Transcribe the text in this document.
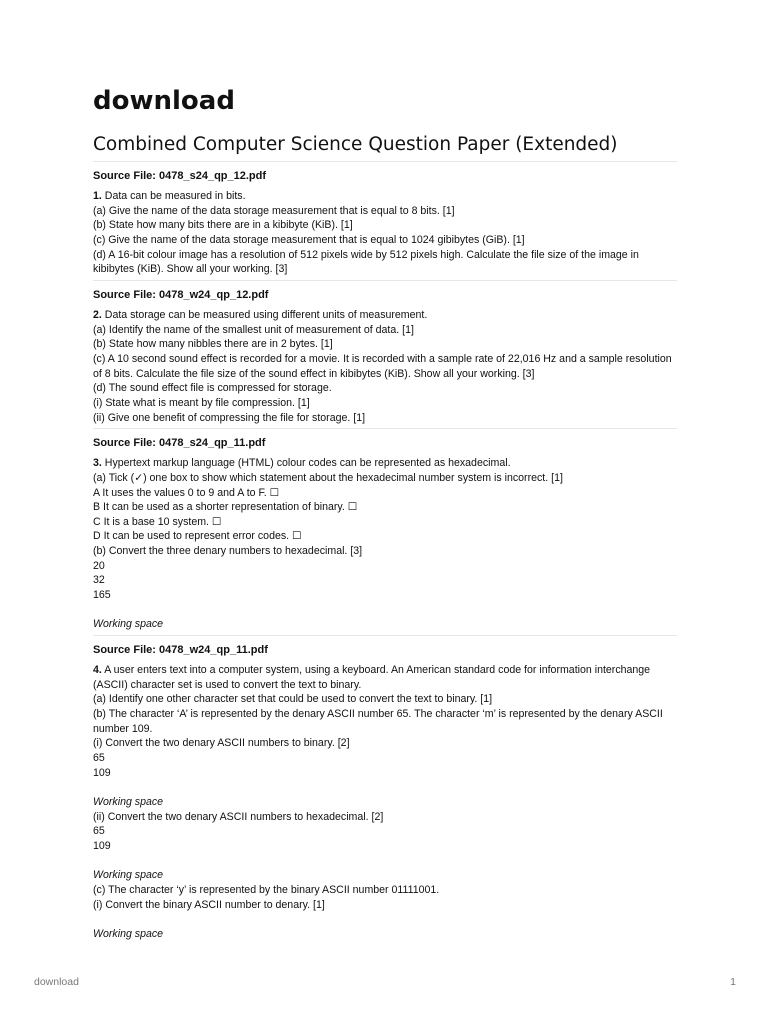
download
Combined Computer Science Question Paper (Extended)
Source File: 0478_s24_qp_12.pdf
1. Data can be measured in bits.
(a) Give the name of the data storage measurement that is equal to 8 bits. [1]
(b) State how many bits there are in a kibibyte (KiB). [1]
(c) Give the name of the data storage measurement that is equal to 1024 gibibytes (GiB). [1]
(d) A 16-bit colour image has a resolution of 512 pixels wide by 512 pixels high. Calculate the file size of the image in kibibytes (KiB). Show all your working. [3]
Source File: 0478_w24_qp_12.pdf
2. Data storage can be measured using different units of measurement.
(a) Identify the name of the smallest unit of measurement of data. [1]
(b) State how many nibbles there are in 2 bytes. [1]
(c) A 10 second sound effect is recorded for a movie. It is recorded with a sample rate of 22,016 Hz and a sample resolution of 8 bits. Calculate the file size of the sound effect in kibibytes (KiB). Show all your working. [3]
(d) The sound effect file is compressed for storage.
(i) State what is meant by file compression. [1]
(ii) Give one benefit of compressing the file for storage. [1]
Source File: 0478_s24_qp_11.pdf
3. Hypertext markup language (HTML) colour codes can be represented as hexadecimal.
(a) Tick (✓) one box to show which statement about the hexadecimal number system is incorrect. [1]
A It uses the values 0 to 9 and A to F. ☐
B It can be used as a shorter representation of binary. ☐
C It is a base 10 system. ☐
D It can be used to represent error codes. ☐
(b) Convert the three denary numbers to hexadecimal. [3]
20
32
165
Working space
Source File: 0478_w24_qp_11.pdf
4. A user enters text into a computer system, using a keyboard. An American standard code for information interchange (ASCII) character set is used to convert the text to binary.
(a) Identify one other character set that could be used to convert the text to binary. [1]
(b) The character ‘A’ is represented by the denary ASCII number 65. The character ‘m’ is represented by the denary ASCII number 109.
(i) Convert the two denary ASCII numbers to binary. [2]
65
109
Working space
(ii) Convert the two denary ASCII numbers to hexadecimal. [2]
65
109
Working space
(c) The character ‘y’ is represented by the binary ASCII number 01111001.
(i) Convert the binary ASCII number to denary. [1]
Working space
download	1
